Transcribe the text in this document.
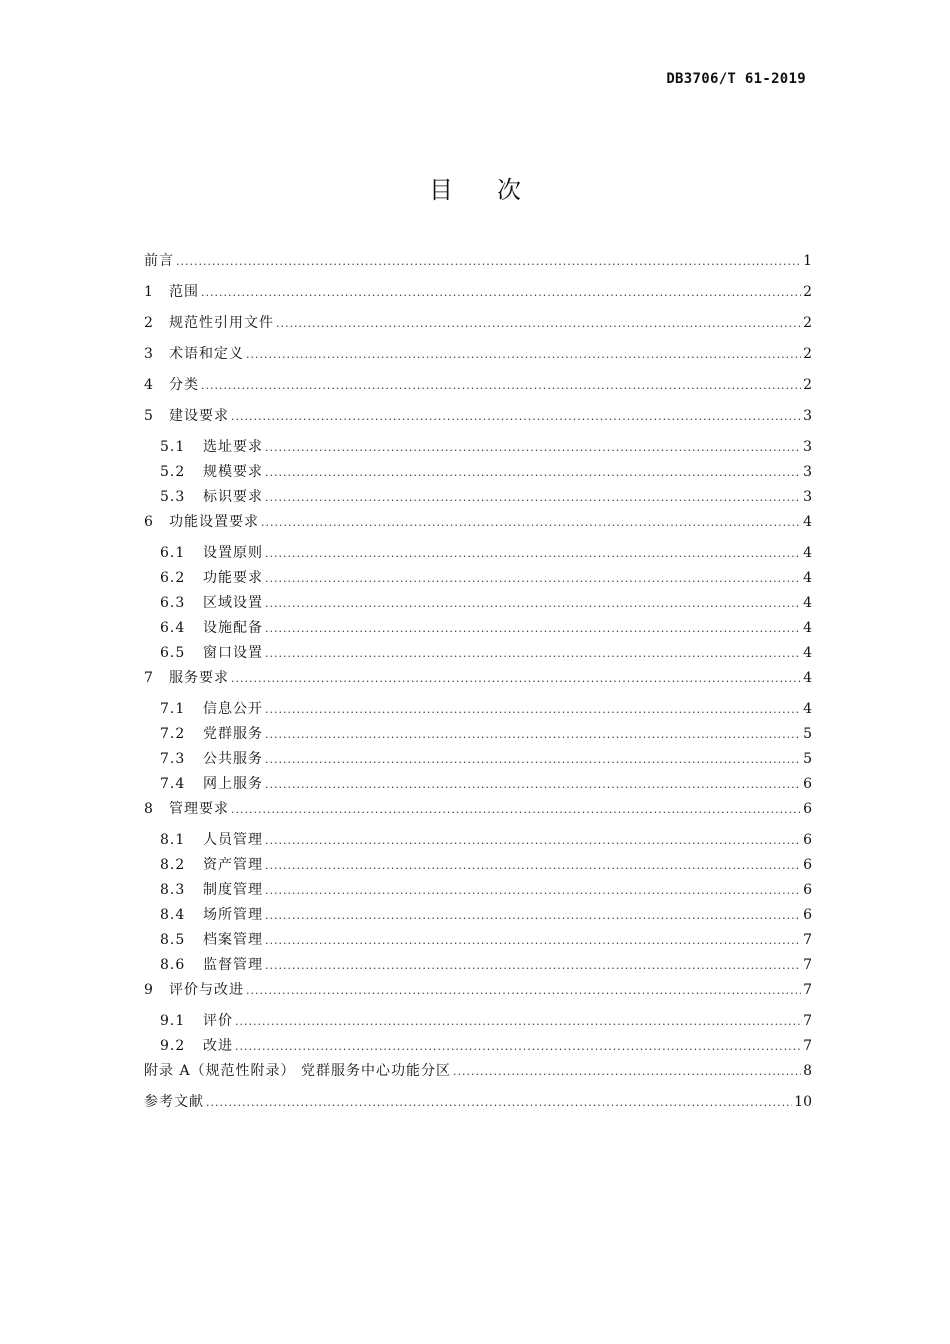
DB3706/T 61-2019
目次
前言 .....	1
1	范围 .....	2
2	规范性引用文件 .....	2
3	术语和定义 .....	2
4	分类 .....	2
5	建设要求 .....	3
5.1	选址要求 .....	3
5.2	规模要求 .....	3
5.3	标识要求 .....	3
6	功能设置要求 .....	4
6.1	设置原则 .....	4
6.2	功能要求 .....	4
6.3	区域设置 .....	4
6.4	设施配备 .....	4
6.5	窗口设置 .....	4
7	服务要求 .....	4
7.1	信息公开 .....	4
7.2	党群服务 .....	5
7.3	公共服务 .....	5
7.4	网上服务 .....	6
8	管理要求 .....	6
8.1	人员管理 .....	6
8.2	资产管理 .....	6
8.3	制度管理 .....	6
8.4	场所管理 .....	6
8.5	档案管理 .....	7
8.6	监督管理 .....	7
9	评价与改进 .....	7
9.1	评价 .....	7
9.2	改进 .....	7
附录 A（规范性附录） 党群服务中心功能分区 .....	8
参考文献 .....	10
